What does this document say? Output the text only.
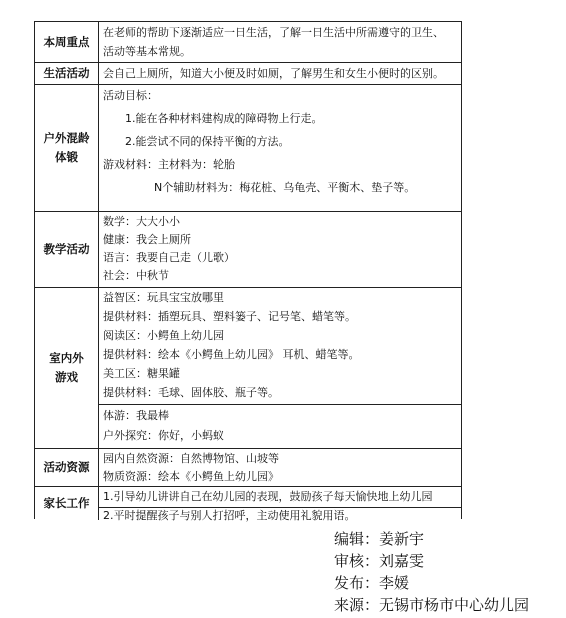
本周重点
在老师的帮助下逐渐适应一日生活，了解一日生活中所需遵守的卫生、
活动等基本常规。
生活活动	会自己上厕所，知道大小便及时如厕，了解男生和女生小便时的区别。
户外混龄
体锻
活动目标：
1.能在各种材料建构成的障碍物上行走。
2.能尝试不同的保持平衡的方法。
游戏材料：主材料为：轮胎
N个辅助材料为：梅花桩、乌龟壳、平衡木、垫子等。
教学活动
数学：大大小小
健康：我会上厕所
语言：我要自己走（儿歌）
社会：中秋节
室内外
游戏
益智区：玩具宝宝放哪里
提供材料：插塑玩具、塑料篓子、记号笔、蜡笔等。
阅读区：小鳄鱼上幼儿园
提供材料：绘本《小鳄鱼上幼儿园》 耳机、蜡笔等。
美工区：糖果罐
提供材料：毛球、固体胶、瓶子等。
体游：我最棒
户外探究：你好，小蚂蚁
活动资源
园内自然资源：自然博物馆、山坡等
物质资源：绘本《小鳄鱼上幼儿园》
家长工作	1.引导幼儿讲讲自己在幼儿园的表现，鼓励孩子每天愉快地上幼儿园
2.平时提醒孩子与别人打招呼，主动使用礼貌用语。
编辑：姜新宇
审核：刘嘉雯
发布：李媛
来源：无锡市杨市中心幼儿园
